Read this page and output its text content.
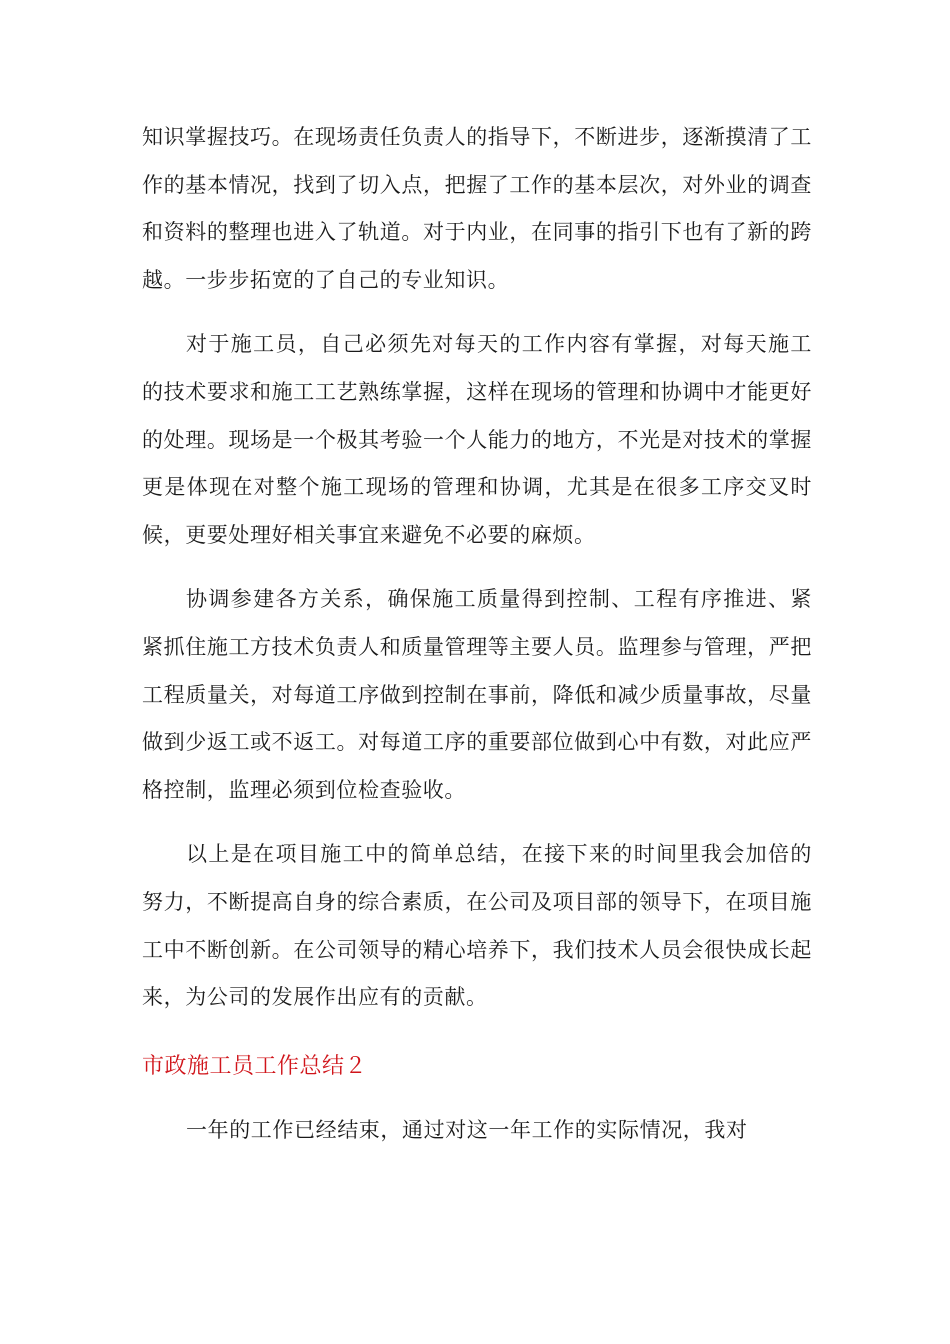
知识掌握技巧。在现场责任负责人的指导下，不断进步，逐渐摸清了工作的基本情况，找到了切入点，把握了工作的基本层次，对外业的调查和资料的整理也进入了轨道。对于内业，在同事的指引下也有了新的跨越。一步步拓宽的了自己的专业知识。

对于施工员，自己必须先对每天的工作内容有掌握，对每天施工的技术要求和施工工艺熟练掌握，这样在现场的管理和协调中才能更好的处理。现场是一个极其考验一个人能力的地方，不光是对技术的掌握更是体现在对整个施工现场的管理和协调，尤其是在很多工序交叉时候，更要处理好相关事宜来避免不必要的麻烦。

协调参建各方关系，确保施工质量得到控制、工程有序推进、紧紧抓住施工方技术负责人和质量管理等主要人员。监理参与管理，严把工程质量关，对每道工序做到控制在事前，降低和减少质量事故，尽量做到少返工或不返工。对每道工序的重要部位做到心中有数，对此应严格控制，监理必须到位检查验收。

以上是在项目施工中的简单总结，在接下来的时间里我会加倍的努力，不断提高自身的综合素质，在公司及项目部的领导下，在项目施工中不断创新。在公司领导的精心培养下，我们技术人员会很快成长起来，为公司的发展作出应有的贡献。

市政施工员工作总结２

一年的工作已经结束，通过对这一年工作的实际情况，我对
